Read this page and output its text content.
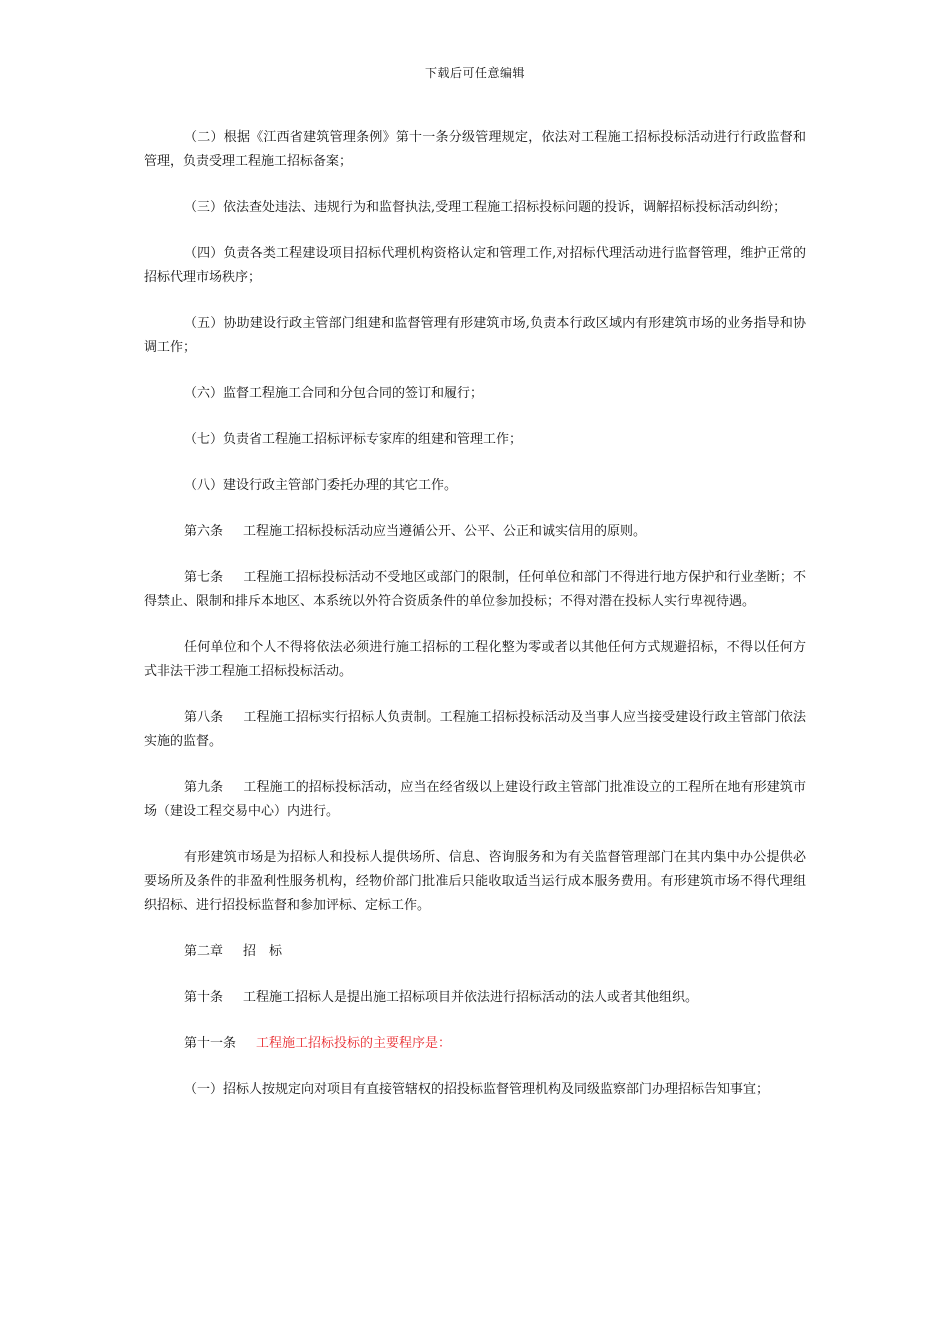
下载后可任意编辑

（二）根据《江西省建筑管理条例》第十一条分级管理规定，依法对工程施工招标投标活动进行行政监督和管理，负责受理工程施工招标备案；

（三）依法查处违法、违规行为和监督执法,受理工程施工招标投标问题的投诉，调解招标投标活动纠纷；

（四）负责各类工程建设项目招标代理机构资格认定和管理工作,对招标代理活动进行监督管理，维护正常的招标代理市场秩序；

（五）协助建设行政主管部门组建和监督管理有形建筑市场,负责本行政区域内有形建筑市场的业务指导和协调工作；

（六）监督工程施工合同和分包合同的签订和履行；

（七）负责省工程施工招标评标专家库的组建和管理工作；

（八）建设行政主管部门委托办理的其它工作。

第六条 工程施工招标投标活动应当遵循公开、公平、公正和诚实信用的原则。

第七条 工程施工招标投标活动不受地区或部门的限制，任何单位和部门不得进行地方保护和行业垄断；不得禁止、限制和排斥本地区、本系统以外符合资质条件的单位参加投标；不得对潜在投标人实行卑视待遇。

任何单位和个人不得将依法必须进行施工招标的工程化整为零或者以其他任何方式规避招标，不得以任何方式非法干涉工程施工招标投标活动。

第八条 工程施工招标实行招标人负责制。工程施工招标投标活动及当事人应当接受建设行政主管部门依法实施的监督。

第九条 工程施工的招标投标活动，应当在经省级以上建设行政主管部门批准设立的工程所在地有形建筑市场（建设工程交易中心）内进行。

有形建筑市场是为招标人和投标人提供场所、信息、咨询服务和为有关监督管理部门在其内集中办公提供必要场所及条件的非盈利性服务机构，经物价部门批准后只能收取适当运行成本服务费用。有形建筑市场不得代理组织招标、进行招投标监督和参加评标、定标工作。

第二章 招　标

第十条 工程施工招标人是提出施工招标项目并依法进行招标活动的法人或者其他组织。

第十一条 工程施工招标投标的主要程序是：

（一）招标人按规定向对项目有直接管辖权的招投标监督管理机构及同级监察部门办理招标告知事宜；
